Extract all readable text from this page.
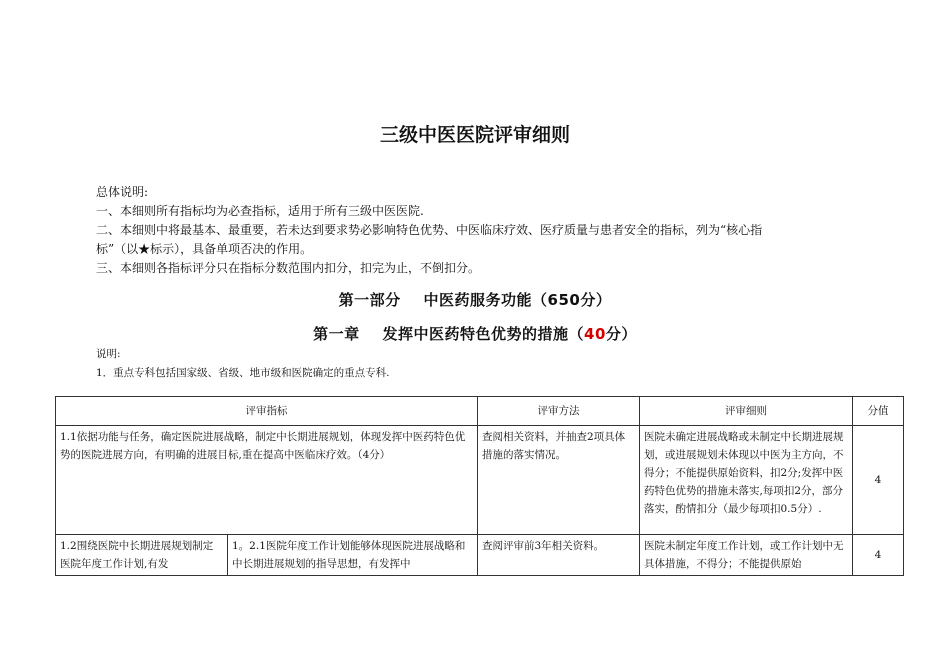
三级中医医院评审细则
总体说明:
一、本细则所有指标均为必查指标，适用于所有三级中医医院.
二、本细则中将最基本、最重要，若未达到要求势必影响特色优势、中医临床疗效、医疗质量与患者安全的指标，列为“核心指
标”（以★标示），具备单项否决的作用。
三、本细则各指标评分只在指标分数范围内扣分，扣完为止，不倒扣分。
第一部分 中医药服务功能（650分）
第一章 发挥中医药特色优势的措施（40分）
说明:
1．重点专科包括国家级、省级、地市级和医院确定的重点专科.
评审指标		评审方法	评审细则	分值
1.1依据功能与任务，确定医院进展战略，制定中长期进展规划，体现发挥中医药特色优势的医院进展方向，有明确的进展目标,重在提高中医临床疗效。（4分）		查阅相关资料，并抽查2项具体措施的落实情况。	医院未确定进展战略或未制定中长期进展规划，或进展规划未体现以中医为主方向，不得分；不能提供原始资料，扣2分;发挥中医药特色优势的措施未落实,每项扣2分，部分落实，酌情扣分（最少每项扣0.5分）.	4
1.2围绕医院中长期进展规划制定医院年度工作计划,有发	1。2.1医院年度工作计划能够体现医院进展战略和中长期进展规划的指导思想，有发挥中	查阅评审前3年相关资料。	医院未制定年度工作计划，或工作计划中无具体措施，不得分；不能提供原始	4
